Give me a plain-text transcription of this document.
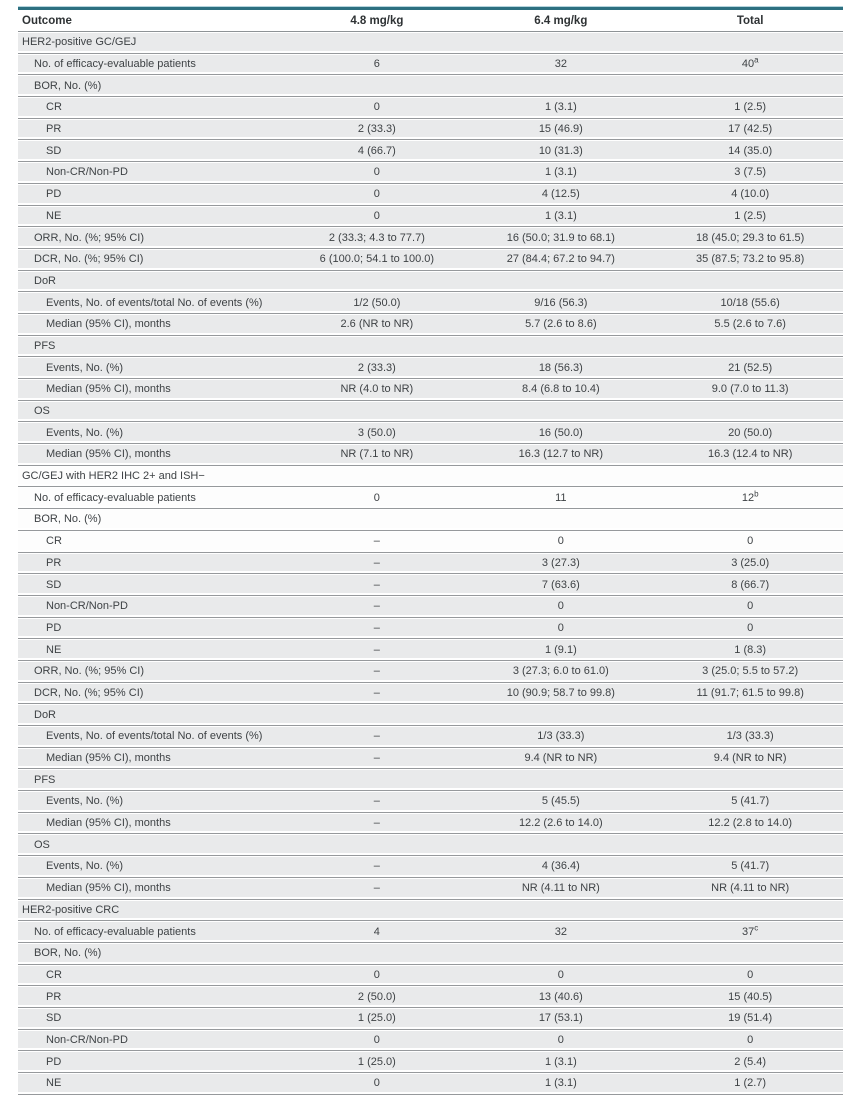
Outcome	4.8 mg/kg	6.4 mg/kg	Total
HER2-positive GC/GEJ			
No. of efficacy-evaluable patients	6	32	40$^a$
BOR, No. (%)			
CR	0	1 (3.1)	1 (2.5)
PR	2 (33.3)	15 (46.9)	17 (42.5)
SD	4 (66.7)	10 (31.3)	14 (35.0)
Non-CR/Non-PD	0	1 (3.1)	3 (7.5)
PD	0	4 (12.5)	4 (10.0)
NE	0	1 (3.1)	1 (2.5)
ORR, No. (%; 95% CI)	2 (33.3; 4.3 to 77.7)	16 (50.0; 31.9 to 68.1)	18 (45.0; 29.3 to 61.5)
DCR, No. (%; 95% CI)	6 (100.0; 54.1 to 100.0)	27 (84.4; 67.2 to 94.7)	35 (87.5; 73.2 to 95.8)
DoR			
Events, No. of events/total No. of events (%)	1/2 (50.0)	9/16 (56.3)	10/18 (55.6)
Median (95% CI), months	2.6 (NR to NR)	5.7 (2.6 to 8.6)	5.5 (2.6 to 7.6)
PFS			
Events, No. (%)	2 (33.3)	18 (56.3)	21 (52.5)
Median (95% CI), months	NR (4.0 to NR)	8.4 (6.8 to 10.4)	9.0 (7.0 to 11.3)
OS			
Events, No. (%)	3 (50.0)	16 (50.0)	20 (50.0)
Median (95% CI), months	NR (7.1 to NR)	16.3 (12.7 to NR)	16.3 (12.4 to NR)
GC/GEJ with HER2 IHC 2+ and ISH−			
No. of efficacy-evaluable patients	0	11	12$^b$
BOR, No. (%)			
CR	–	0	0
PR	–	3 (27.3)	3 (25.0)
SD	–	7 (63.6)	8 (66.7)
Non-CR/Non-PD	–	0	0
PD	–	0	0
NE	–	1 (9.1)	1 (8.3)
ORR, No. (%; 95% CI)	–	3 (27.3; 6.0 to 61.0)	3 (25.0; 5.5 to 57.2)
DCR, No. (%; 95% CI)	–	10 (90.9; 58.7 to 99.8)	11 (91.7; 61.5 to 99.8)
DoR			
Events, No. of events/total No. of events (%)	–	1/3 (33.3)	1/3 (33.3)
Median (95% CI), months	–	9.4 (NR to NR)	9.4 (NR to NR)
PFS			
Events, No. (%)	–	5 (45.5)	5 (41.7)
Median (95% CI), months	–	12.2 (2.6 to 14.0)	12.2 (2.8 to 14.0)
OS			
Events, No. (%)	–	4 (36.4)	5 (41.7)
Median (95% CI), months	–	NR (4.11 to NR)	NR (4.11 to NR)
HER2-positive CRC			
No. of efficacy-evaluable patients	4	32	37$^c$
BOR, No. (%)			
CR	0	0	0
PR	2 (50.0)	13 (40.6)	15 (40.5)
SD	1 (25.0)	17 (53.1)	19 (51.4)
Non-CR/Non-PD	0	0	0
PD	1 (25.0)	1 (3.1)	2 (5.4)
NE	0	1 (3.1)	1 (2.7)
